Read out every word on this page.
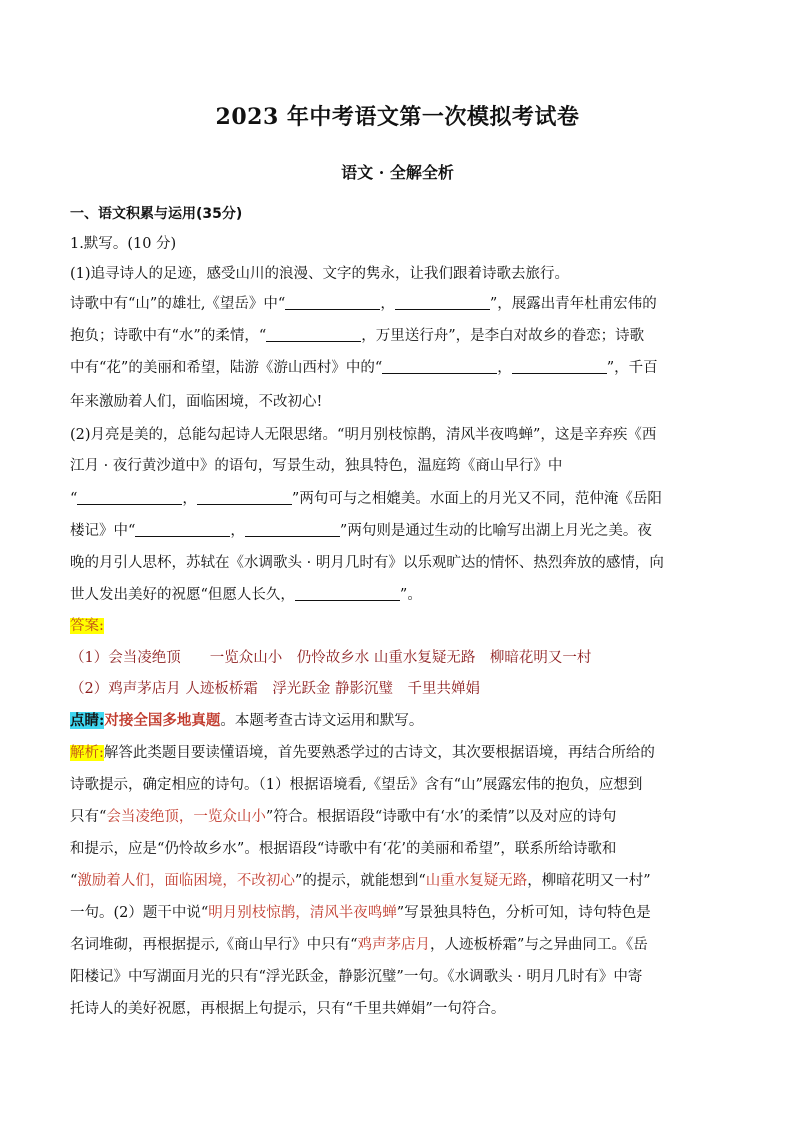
2023 年中考语文第一次模拟考试卷
语文 · 全解全析
一、语文积累与运用(35分)
1.默写。(10 分)
(1)追寻诗人的足迹，感受山川的浪漫、文字的隽永，让我们跟着诗歌去旅行。
诗歌中有“山”的雄壮,《望岳》中“	，	”，展露出青年杜甫宏伟的
抱负；诗歌中有“水”的柔情，“	，万里送行舟”，是李白对故乡的眷恋；诗歌
中有“花”的美丽和希望，陆游《游山西村》中的“	，	”，千百
年来激励着人们，面临困境，不改初心!
(2)月亮是美的，总能勾起诗人无限思绪。“明月别枝惊鹊，清风半夜鸣蝉”，这是辛弃疾《西
江月 · 夜行黄沙道中》的语句，写景生动，独具特色，温庭筠《商山早行》中
“	，	”两句可与之相媲美。水面上的月光又不同，范仲淹《岳阳
楼记》中“	，	”两句则是通过生动的比喻写出湖上月光之美。夜
晚的月引人思杯，苏轼在《水调歌头 · 明月几时有》以乐观旷达的情怀、热烈奔放的感情，向
世人发出美好的祝愿“但愿人长久，	”。
答案:
（1）会当凌绝顶　　一览众山小　仍怜故乡水 山重水复疑无路　柳暗花明又一村
（2）鸡声茅店月 人迹板桥霜　浮光跃金 静影沉璧　千里共婵娟
点睛:对接全国多地真题。本题考查古诗文运用和默写。
解析:解答此类题目要读懂语境，首先要熟悉学过的古诗文，其次要根据语境，再结合所给的
诗歌提示，确定相应的诗句。（1）根据语境看,《望岳》含有“山”展露宏伟的抱负，应想到
只有“会当凌绝顶，一览众山小”符合。根据语段“诗歌中有‘水’的柔情”以及对应的诗句
和提示，应是“仍怜故乡水”。根据语段“诗歌中有‘花’的美丽和希望”，联系所给诗歌和
“激励着人们，面临困境，不改初心”的提示，就能想到“山重水复疑无路，柳暗花明又一村”
一句。(2）题干中说“明月别枝惊鹊，清风半夜鸣蝉”写景独具特色，分析可知，诗句特色是
名词堆砌，再根据提示,《商山早行》中只有“鸡声茅店月，人迹板桥霜”与之异曲同工。《岳
阳楼记》中写湖面月光的只有“浮光跃金，静影沉璧”一句。《水调歌头 · 明月几时有》中寄
托诗人的美好祝愿，再根据上句提示，只有“千里共婵娟”一句符合。
